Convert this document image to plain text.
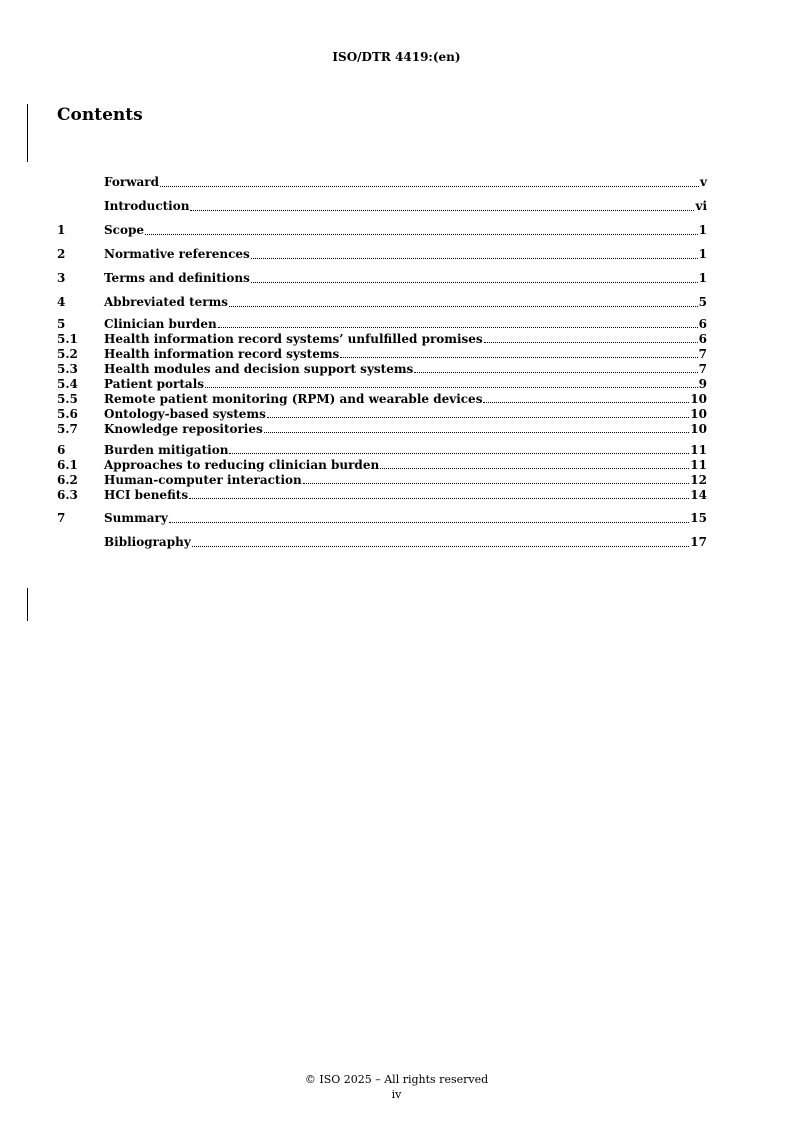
ISO/DTR 4419:(en)
Contents
Forward	v
Introduction	vi
1	Scope	1
2	Normative references	1
3	Terms and definitions	1
4	Abbreviated terms	5
5	Clinician burden	6
5.1	Health information record systems’ unfulfilled promises	6
5.2	Health information record systems	7
5.3	Health modules and decision support systems	7
5.4	Patient portals	9
5.5	Remote patient monitoring (RPM) and wearable devices	10
5.6	Ontology-based systems	10
5.7	Knowledge repositories	10
6	Burden mitigation	11
6.1	Approaches to reducing clinician burden	11
6.2	Human-computer interaction	12
6.3	HCI benefits	14
7	Summary	15
Bibliography	17
© ISO 2025 – All rights reserved
iv
